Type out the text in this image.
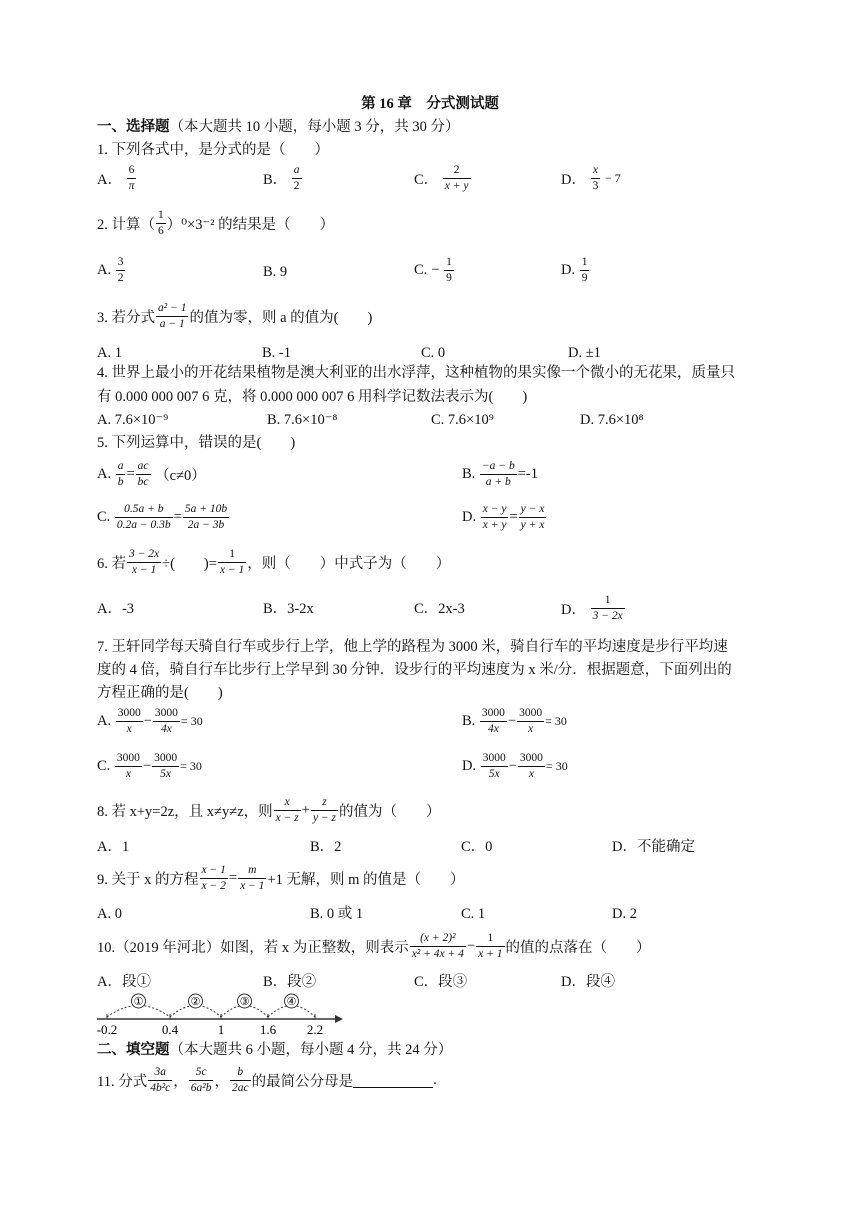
第 16 章　分式测试题
一、选择题（本大题共 10 小题，每小题 3 分，共 30 分）
1. 下列各式中，是分式的是（　　）
A． $\frac{6}{\pi}$	B． $\frac{a}{2}$	C． $\frac{2}{x + y}$	D． $\frac{x}{3} - 7$
2. 计算（ $\frac{1}{6} )^0\times 3^{-2}$ 的结果是（　　）
A. $\frac{3}{2}$	B. 9	C. − $\frac{1}{9}$	D. $\frac{1}{9}$
3. 若分式 $\frac{\text{a² − 1}}{a - 1}$ 的值为零，则 a 的值为(　　)
A. 1	B. -1	C. 0	D. ±1
4. 世界上最小的开花结果植物是澳大利亚的出水浮萍，这种植物的果实像一个微小的无花果，质量只
有 0.000 000 007 6 克，将 0.000 000 007 6 用科学记数法表示为(　　)
A. 7.6×10⁻⁹	B. 7.6×10⁻⁸	C. 7.6×10⁹	D. 7.6×10⁸
5. 下列运算中，错误的是(　　)
A. $\frac{a}{b} = \frac{ac}{bc} (c\ne 0)$	B. $\frac{-a - b}{a + b} =-1$
C. $\frac{0.5a + b}{0.2a - 0.3b} = \frac{5a + 10b}{2a - 3b}$	D. $\frac{x - y}{x + y} = \frac{y - x}{y + x}$
6. 若 $\frac{3 - 2x}{x - 1}$ ÷(　　)= $\frac{1}{x - 1}$ ，则（　　）中式子为（　　）
A．-3	B．3-2x	C．2x-3	D． $\frac{1}{3 - 2x}$
7. 王轩同学每天骑自行车或步行上学，他上学的路程为 3000 米，骑自行车的平均速度是步行平均速
度的 4 倍，骑自行车比步行上学早到 30 分钟．设步行的平均速度为 x 米/分．根据题意，下面列出的
方程正确的是(　　)
A. $\frac{3000}{x} - \frac{3000}{4x} = 30$	B. $\frac{3000}{4x} - \frac{3000}{x} = 30$
C. $\frac{3000}{x} - \frac{3000}{5x} = 30$	D. $\frac{3000}{5x} - \frac{3000}{x} = 30$
8. 若 x+y=2z，且 x≠y≠z，则 $\frac{x}{x - z} + \frac{z}{y - z}$ 的值为（　　）
A．1	B．2	C．0	D．不能确定
9. 关于 x 的方程 $\frac{x - 1}{x - 2} = \frac{m}{x - 1} +1$ 无解，则 m 的值是（　　）
A. 0	B. 0 或 1	C. 1	D. 2
10.（2019 年河北）如图，若 x 为正整数，则表示 $\frac{\text{(x + 2)²}}{\text{x² + 4x + 4}} - \frac{1}{x + 1}$ 的值的点落在（　　）
A．段①	B．段②	C．段③	D．段④
-0.2	0.4	1	1.6 2.2
①	②	③	④
二、填空题（本大题共 6 小题，每小题 4 分，共 24 分）
11. 分式 $\frac{3a}{\text{4b²c}}$ ， $\frac{5c}{\text{6a²b}}$ ， $\frac{b}{2ac}$ 的最简公分母是	.
